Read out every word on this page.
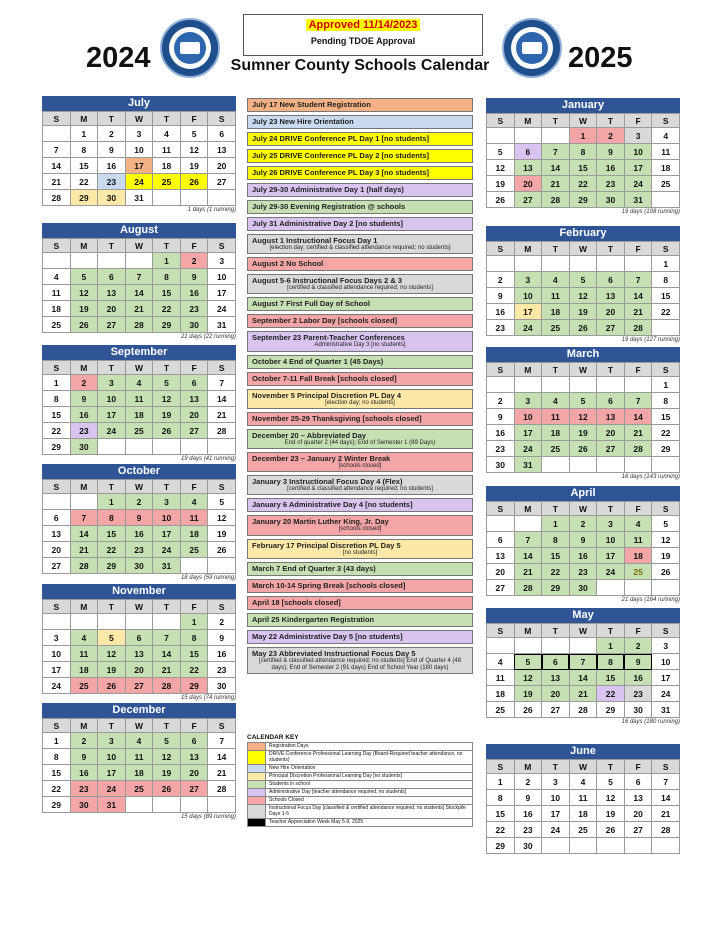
Approved 11/14/2023
Pending TDOE Approval
2024	Sumner County Schools Calendar	2025
July
S	M	T	W	T	F	S
	1	2	3	4	5	6
7	8	9	10	11	12	13
14	15	16	17	18	19	20
21	22	23	24	25	26	27
28	29	30	31			
1 days (1 running)
August
S	M	T	W	T	F	S
				1	2	3
4	5	6	7	8	9	10
11	12	13	14	15	16	17
18	19	20	21	22	23	24
25	26	27	28	29	30	31
21 days (22 running)
September
S	M	T	W	T	F	S
1	2	3	4	5	6	7
8	9	10	11	12	13	14
15	16	17	18	19	20	21
22	23	24	25	26	27	28
29	30					
19 days (41 running)
October
S	M	T	W	T	F	S
		1	2	3	4	5
6	7	8	9	10	11	12
13	14	15	16	17	18	19
20	21	22	23	24	25	26
27	28	29	30	31		
18 days (59 running)
November
S	M	T	W	T	F	S
					1	2
3	4	5	6	7	8	9
10	11	12	13	14	15	16
17	18	19	20	21	22	23
24	25	26	27	28	29	30
15 days (74 running)
December
S	M	T	W	T	F	S
1	2	3	4	5	6	7
8	9	10	11	12	13	14
15	16	17	18	19	20	21
22	23	24	25	26	27	28
29	30	31				
15 days (89 running)
January
S	M	T	W	T	F	S
			1	2	3	4
5	6	7	8	9	10	11
12	13	14	15	16	17	18
19	20	21	22	23	24	25
26	27	28	29	30	31	
19 days (108 running)
February
S	M	T	W	T	F	S
						1
2	3	4	5	6	7	8
9	10	11	12	13	14	15
16	17	18	19	20	21	22
23	24	25	26	27	28	
19 days (127 running)
March
S	M	T	W	T	F	S
						1
2	3	4	5	6	7	8
9	10	11	12	13	14	15
16	17	18	19	20	21	22
23	24	25	26	27	28	29
30	31					
16 days (143 running)
April
S	M	T	W	T	F	S
		1	2	3	4	5
6	7	8	9	10	11	12
13	14	15	16	17	18	19
20	21	22	23	24	25	26
27	28	29	30			
21 days (164 running)
May
S	M	T	W	T	F	S
				1	2	3
4	5	6	7	8	9	10
11	12	13	14	15	16	17
18	19	20	21	22	23	24
25	26	27	28	29	30	31
16 days (180 running)
June
S	M	T	W	T	F	S
1	2	3	4	5	6	7
8	9	10	11	12	13	14
15	16	17	18	19	20	21
22	23	24	25	26	27	28
29	30					
July 17 New Student Registration
July 23 New Hire Orientation
July 24 DRIVE Conference PL Day 1 [no students]
July 25 DRIVE Conference PL Day 2 [no students]
July 26 DRIVE Conference PL Day 3 [no students]
July 29-30 Administrative Day 1 (half days)
July 29-30 Evening Registration @ schools
July 31 Administrative Day 2 [no students]
August 1 Instructional Focus Day 1
[election day; certified & classified attendance required; no students]
August 2 No School
August 5-6 Instructional Focus Days 2 & 3
[certified & classified attendance required; no students]
August 7 First Full Day of School
September 2 Labor Day [schools closed]
September 23 Parent-Teacher Conferences
Administrative Day 3 [no students]
October 4 End of Quarter 1 (45 Days)
October 7-11 Fall Break [schools closed]
November 5 Principal Discretion PL Day 4
[election day; no students]
November 25-29 Thanksgiving [schools closed]
December 20 – Abbreviated Day
End of quarter 2 (44 days); End of Semester 1 (89 Days)
December 23 – January 2 Winter Break
[schools closed]
January 3 Instructional Focus Day 4 (Flex)
[certified & classified attendance required; no students]
January 6 Administrative Day 4 [no students]
January 20 Martin Luther King, Jr. Day
[schools closed]
February 17 Principal Discretion PL Day 5
[no students]
March 7 End of Quarter 3 (43 days)
March 10-14 Spring Break [schools closed]
April 18 [schools closed]
April 25 Kindergarten Registration
May 22 Administrative Day 5 [no students]
May 23 Abbreviated Instructional Focus Day 5
[certified & classified attendance required; no students] End of Quarter 4 (48 days); End of Semester 2 (91 days) End of School Year (180 days)
CALENDAR KEY
Registration Days
DRIVE Conference Professional Learning Day (Board-Required teacher attendance, no students)
New Hire Orientation
Principal Discretion Professional Learning Day [no students]
Students in school
Administrative Day [teacher attendance required, no students]
Schools Closed
Instructional Focus Day [classified & certified attendance required, no students] Stockpile Days 1-5
Teacher Appreciation Week May 5-9, 2025
